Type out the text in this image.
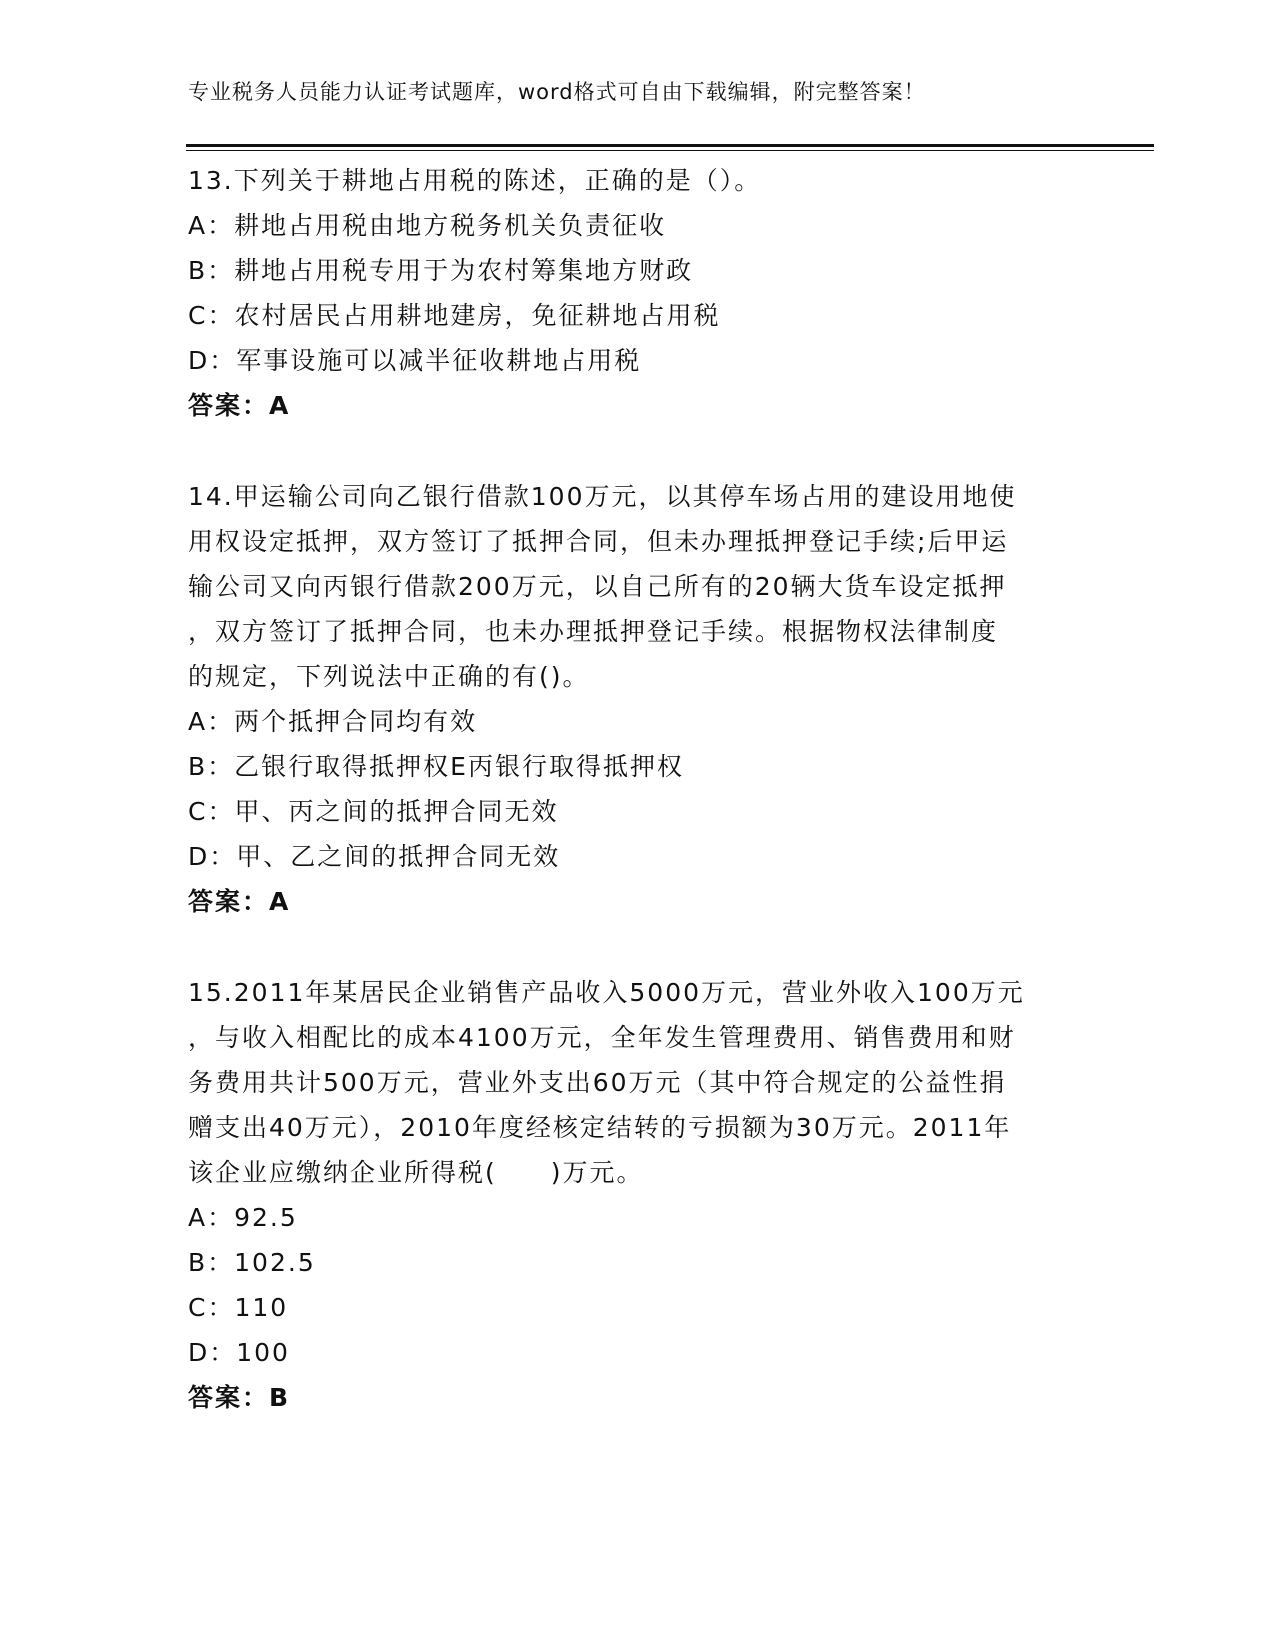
专业税务人员能力认证考试题库，word格式可自由下载编辑，附完整答案！
13.下列关于耕地占用税的陈述，正确的是（）。
A：耕地占用税由地方税务机关负责征收
B：耕地占用税专用于为农村筹集地方财政
C：农村居民占用耕地建房，免征耕地占用税
D：军事设施可以减半征收耕地占用税
答案：A
14.甲运输公司向乙银行借款100万元，以其停车场占用的建设用地使
用权设定抵押，双方签订了抵押合同，但未办理抵押登记手续;后甲运
输公司又向丙银行借款200万元，以自己所有的20辆大货车设定抵押
，双方签订了抵押合同，也未办理抵押登记手续。根据物权法律制度
的规定，下列说法中正确的有()。
A：两个抵押合同均有效
B：乙银行取得抵押权E丙银行取得抵押权
C：甲、丙之间的抵押合同无效
D：甲、乙之间的抵押合同无效
答案：A
15.2011年某居民企业销售产品收入5000万元，营业外收入100万元
，与收入相配比的成本4100万元，全年发生管理费用、销售费用和财
务费用共计500万元，营业外支出60万元（其中符合规定的公益性捐
赠支出40万元），2010年度经核定结转的亏损额为30万元。2011年
该企业应缴纳企业所得税(　　)万元。
A：92.5
B：102.5
C：110
D：100
答案：B
